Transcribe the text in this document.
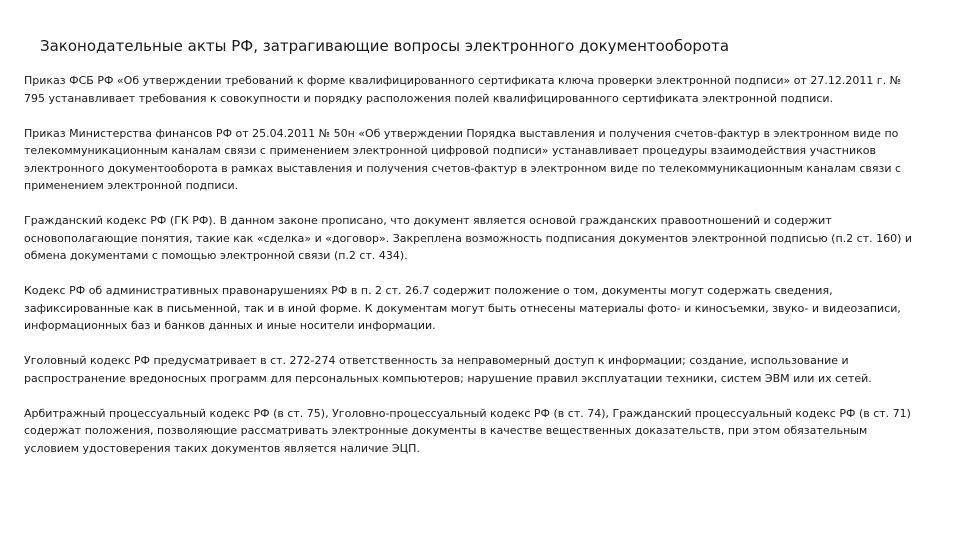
Законодательные акты РФ, затрагивающие вопросы электронного документооборота

Приказ ФСБ РФ «Об утверждении требований к форме квалифицированного сертификата ключа проверки электронной подписи» от 27.12.2011 г. № 795 устанавливает требования к совокупности и порядку расположения полей квалифицированного сертификата электронной подписи.

Приказ Министерства финансов РФ от 25.04.2011 № 50н «Об утверждении Порядка выставления и получения счетов-фактур в электронном виде по телекоммуникационным каналам связи с применением электронной цифровой подписи» устанавливает процедуры взаимодействия участников электронного документооборота в рамках выставления и получения счетов-фактур в электронном виде по телекоммуникационным каналам связи с применением электронной подписи.

Гражданский кодекс РФ (ГК РФ). В данном законе прописано, что документ является основой гражданских правоотношений и содержит основополагающие понятия, такие как «сделка» и «договор». Закреплена возможность подписания документов электронной подписью (п.2 ст. 160) и обмена документами с помощью электронной связи (п.2 ст. 434).

Кодекс РФ об административных правонарушениях РФ в п. 2 ст. 26.7 содержит положение о том, документы могут содержать сведения, зафиксированные как в письменной, так и в иной форме. К документам могут быть отнесены материалы фото- и киносъемки, звуко- и видеозаписи, информационных баз и банков данных и иные носители информации.

Уголовный кодекс РФ предусматривает в ст. 272-274 ответственность за неправомерный доступ к информации; создание, использование и распространение вредоносных программ для персональных компьютеров; нарушение правил эксплуатации техники, систем ЭВМ или их сетей.

Арбитражный процессуальный кодекс РФ (в ст. 75), Уголовно-процессуальный кодекс РФ (в ст. 74), Гражданский процессуальный кодекс РФ (в ст. 71) содержат положения, позволяющие рассматривать электронные документы в качестве вещественных доказательств, при этом обязательным условием удостоверения таких документов является наличие ЭЦП.
